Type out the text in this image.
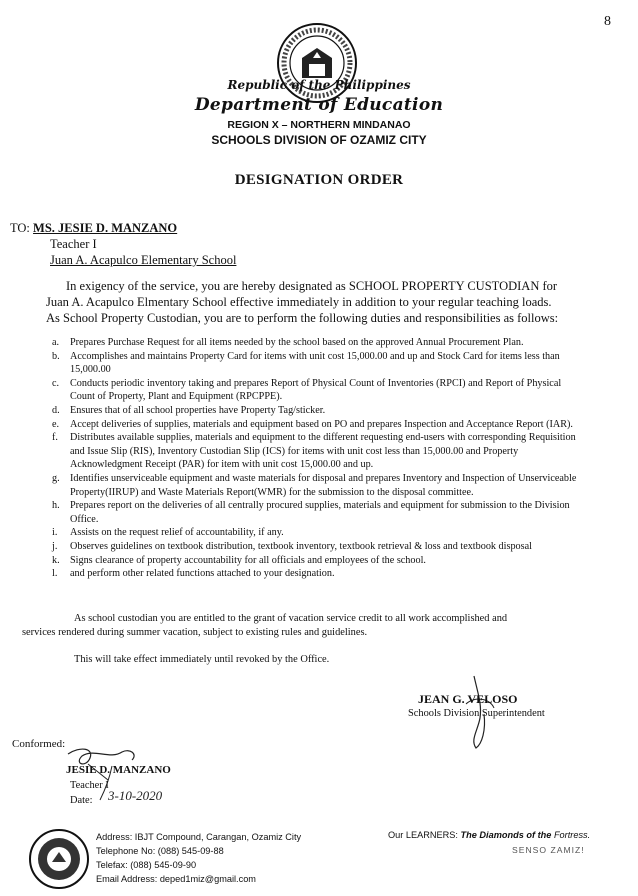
8
Republic of the Philippines
Department of Education
REGION X – NORTHERN MINDANAO
SCHOOLS DIVISION OF OZAMIZ CITY
DESIGNATION ORDER
TO: MS. JESIE D. MANZANO
Teacher I
Juan A. Acapulco Elementary School

In exigency of the service, you are hereby designated as SCHOOL PROPERTY CUSTODIAN for

Juan A. Acapulco Elmentary School effective immediately in addition to your regular teaching loads.

As School Property Custodian, you are to perform the following duties and responsibilities as follows:

a. Prepares Purchase Request for all items needed by the school based on the approved Annual Procurement Plan.
b. Accomplishes and maintains Property Card for items with unit cost 15,000.00 and up and Stock Card for items less than 15,000.00
c. Conducts periodic inventory taking and prepares Report of Physical Count of Inventories (RPCI) and Report of Physical Count of Property, Plant and Equipment (RPCPPE).
d. Ensures that of all school properties have Property Tag/sticker.
e. Accept deliveries of supplies, materials and equipment based on PO and prepares Inspection and Acceptance Report (IAR).
f. Distributes available supplies, materials and equipment to the different requesting end-users with corresponding Requisition and Issue Slip (RIS), Inventory Custodian Slip (ICS) for items with unit cost less than 15,000.00 and Property Acknowledgment Receipt (PAR) for item with unit cost 15,000.00 and up.
g. Identifies unserviceable equipment and waste materials for disposal and prepares Inventory and Inspection of Unserviceable Property(IIRUP) and Waste Materials Report(WMR) for the submission to the disposal committee.
h. Prepares report on the deliveries of all centrally procured supplies, materials and equipment for submission to the Division Office.
i. Assists on the request relief of accountability, if any.
j. Observes guidelines on textbook distribution, textbook inventory, textbook retrieval & loss and textbook disposal
k. Signs clearance of property accountability for all officials and employees of the school.
l. and perform other related functions attached to your designation.
As school custodian you are entitled to the grant of vacation service credit to all work accomplished and
services rendered during summer vacation, subject to existing rules and guidelines.
This will take effect immediately until revoked by the Office.
JEAN G. VELOSO
Schools Division Superintendent
Conformed:
JESIE D. MANZANO
Teacher I
Date: 3-10-2020
Address: IBJT Compound, Carangan, Ozamiz City
Telephone No: (088) 545-09-88
Telefax: (088) 545-09-90
Email Address: deped1miz@gmail.com
Our LEARNERS: The Diamonds of the Fortress.
SENSO ZAMIZ!
